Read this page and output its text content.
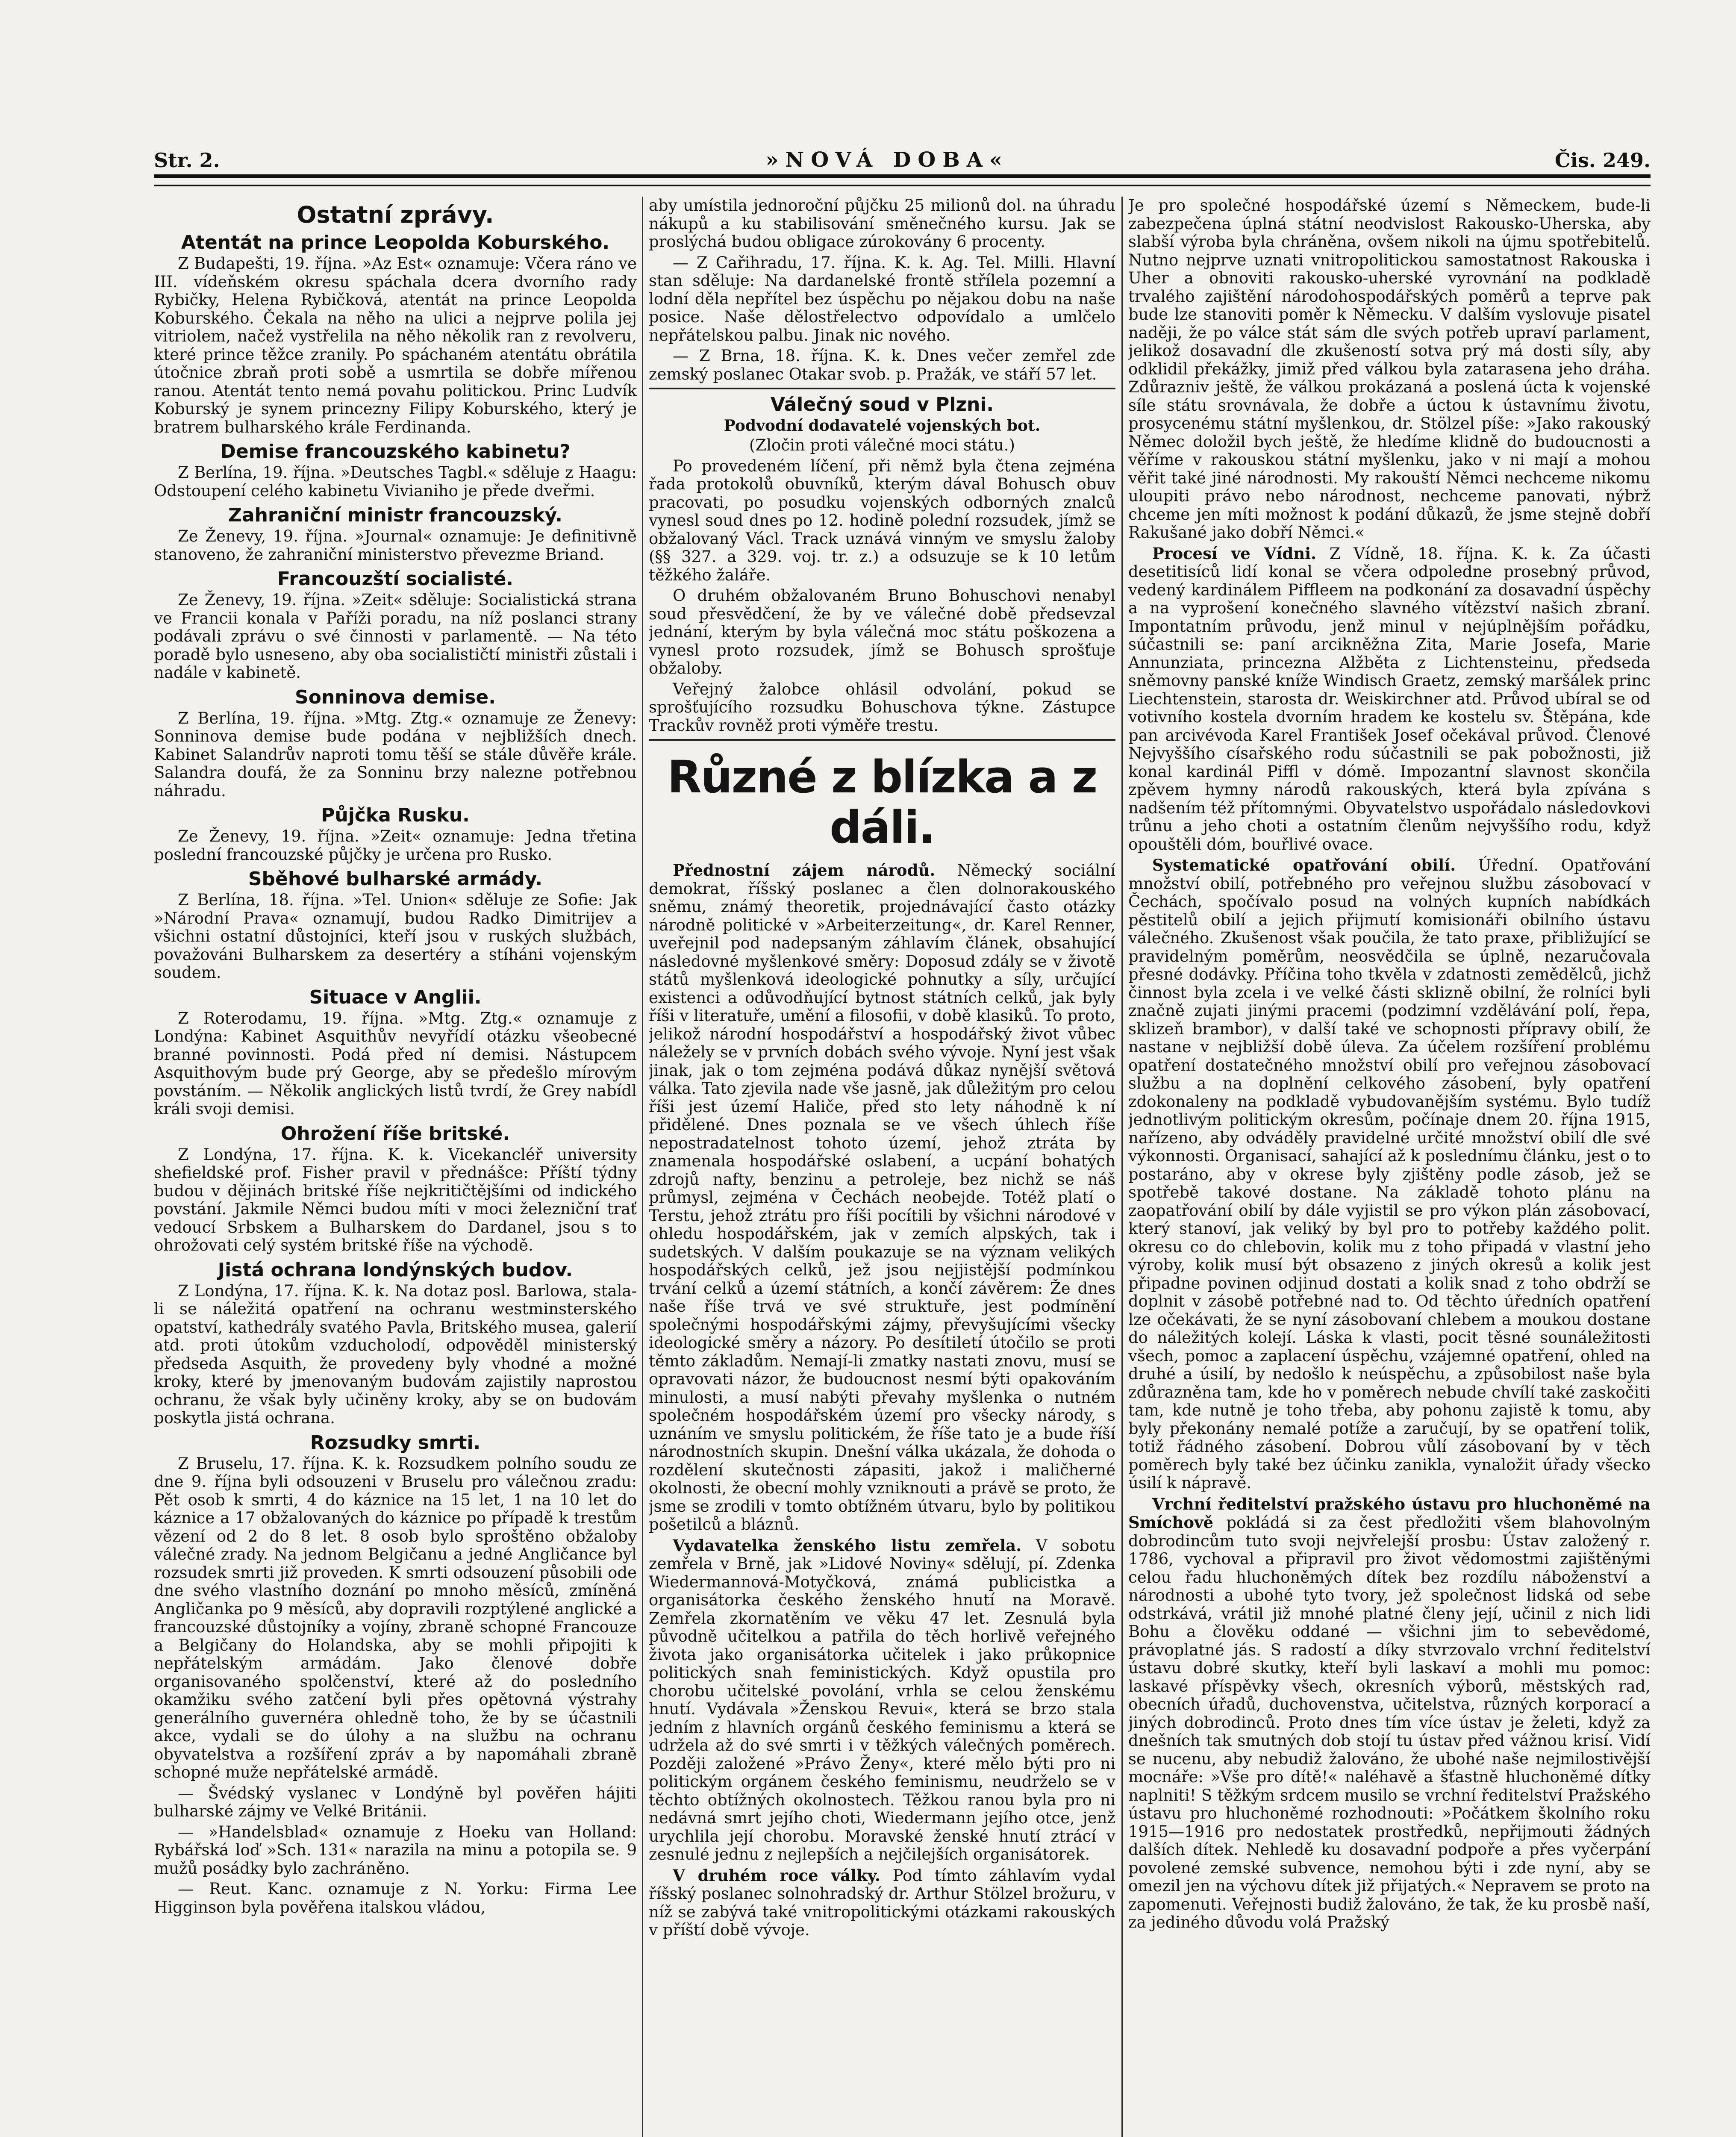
Str. 2.	»NOVÁ DOBA«	Čis. 249.
Ostatní zprávy.
Atentát na prince Leopolda Koburského.

Z Budapešti, 19. října. »Az Est« oznamuje: Včera ráno ve III. vídeňském okresu spáchala dcera dvorního rady Rybičky, Helena Rybičková, atentát na prince Leopolda Koburského. Čekala na něho na ulici a nejprve polila jej vitriolem, načež vystřelila na něho několik ran z revolveru, které prince těžce zranily. Po spáchaném atentátu obrátila útočnice zbraň proti sobě a usmrtila se dobře mířenou ranou. Atentát tento nemá povahu politickou. Princ Ludvík Koburský je synem princezny Filipy Koburského, který je bratrem bulharského krále Ferdinanda.

Demise francouzského kabinetu?

Z Berlína, 19. října. »Deutsches Tagbl.« sděluje z Haagu: Odstoupení celého kabinetu Vivianiho je přede dveřmi.

Zahraniční ministr francouzský.

Ze Ženevy, 19. října. »Journal« oznamuje: Je definitivně stanoveno, že zahraniční ministerstvo převezme Briand.

Francouzští socialisté.

Ze Ženevy, 19. října. »Zeit« sděluje: Socialistická strana ve Francii konala v Paříži poradu, na níž poslanci strany podávali zprávu o své činnosti v parlamentě. — Na této poradě bylo usneseno, aby oba socialističtí ministři zůstali i nadále v kabinetě.

Sonninova demise.

Z Berlína, 19. října. »Mtg. Ztg.« oznamuje ze Ženevy: Sonninova demise bude podána v nejbližších dnech. Kabinet Salandrův naproti tomu těší se stále důvěře krále. Salandra doufá, že za Sonninu brzy nalezne potřebnou náhradu.

Půjčka Rusku.

Ze Ženevy, 19. října. »Zeit« oznamuje: Jedna třetina poslední francouzské půjčky je určena pro Rusko.

Sběhové bulharské armády.

Z Berlína, 18. října. »Tel. Union« sděluje ze Sofie: Jak »Národní Prava« oznamují, budou Radko Dimitrijev a všichni ostatní důstojníci, kteří jsou v ruských službách, považováni Bulharskem za desertéry a stíháni vojenským soudem.

Situace v Anglii.

Z Roterodamu, 19. října. »Mtg. Ztg.« oznamuje z Londýna: Kabinet Asquithův nevyřídí otázku všeobecné branné povinnosti. Podá před ní demisi. Nástupcem Asquithovým bude prý George, aby se předešlo mírovým povstáním. — Několik anglických listů tvrdí, že Grey nabídl králi svoji demisi.

Ohrožení říše britské.

Z Londýna, 17. října. K. k. Vicekancléř university shefieldské prof. Fisher pravil v přednášce: Příští týdny budou v dějinách britské říše nejkritičtějšími od indického povstání. Jakmile Němci budou míti v moci železniční trať vedoucí Srbskem a Bulharskem do Dardanel, jsou s to ohrožovati celý systém britské říše na východě.

Jistá ochrana londýnských budov.

Z Londýna, 17. října. K. k. Na dotaz posl. Barlowa, stala-li se náležitá opatření na ochranu westminsterského opatství, kathedrály svatého Pavla, Britského musea, galerií atd. proti útokům vzducholodí, odpověděl ministerský předseda Asquith, že provedeny byly vhodné a možné kroky, které by jmenovaným budovám zajistily naprostou ochranu, že však byly učiněny kroky, aby se on budovám poskytla jistá ochrana.

Rozsudky smrti.

Z Bruselu, 17. října. K. k. Rozsudkem polního soudu ze dne 9. října byli odsouzeni v Bruselu pro válečnou zradu: Pět osob k smrti, 4 do káznice na 15 let, 1 na 10 let do káznice a 17 obžalovaných do káznice po případě k trestům vězení od 2 do 8 let. 8 osob bylo sproštěno obžaloby válečné zrady. Na jednom Belgičanu a jedné Angličance byl rozsudek smrti již proveden. K smrti odsouzení působili ode dne svého vlastního doznání po mnoho měsíců, zmíněná Angličanka po 9 měsíců, aby dopravili rozptýlené anglické a francouzské důstojníky a vojíny, zbraně schopné Francouze a Belgičany do Holandska, aby se mohli připojiti k nepřátelským armádám. Jako členové dobře organisovaného spolčenství, které až do posledního okamžiku svého zatčení byli přes opětovná výstrahy generálního guvernéra ohledně toho, že by se účastnili akce, vydali se do úlohy a na službu na ochranu obyvatelstva a rozšíření zpráv a by napomáhali zbraně schopné muže nepřátelské armádě.

— Švédský vyslanec v Londýně byl pověřen hájiti bulharské zájmy ve Velké Británii.

— »Handelsblad« oznamuje z Hoeku van Holland: Rybářská loď »Sch. 131« narazila na minu a potopila se. 9 mužů posádky bylo zachráněno.

— Reut. Kanc. oznamuje z N. Yorku: Firma Lee Higginson byla pověřena italskou vládou,

aby umístila jednoroční půjčku 25 milionů dol. na úhradu nákupů a ku stabilisování směnečného kursu. Jak se proslýchá budou obligace zúrokovány 6 procenty.

— Z Cařihradu, 17. října. K. k. Ag. Tel. Milli. Hlavní stan sděluje: Na dardanelské frontě střílela pozemní a lodní děla nepřítel bez úspěchu po nějakou dobu na naše posice. Naše dělostřelectvo odpovídalo a umlčelo nepřátelskou palbu. Jinak nic nového.

— Z Brna, 18. října. K. k. Dnes večer zemřel zde zemský poslanec Otakar svob. p. Pražák, ve stáří 57 let.

Válečný soud v Plzni.
Podvodní dodavatelé vojenských bot.

(Zločin proti válečné moci státu.)

Po provedeném líčení, při němž byla čtena zejména řada protokolů obuvníků, kterým dával Bohusch obuv pracovati, po posudku vojenských odborných znalců vynesl soud dnes po 12. hodině polední rozsudek, jímž se obžalovaný Václ. Track uznává vinným ve smyslu žaloby (§§ 327. a 329. voj. tr. z.) a odsuzuje se k 10 letům těžkého žaláře.

O druhém obžalovaném Bruno Bohuschovi nenabyl soud přesvědčení, že by ve válečné době předsevzal jednání, kterým by byla válečná moc státu poškozena a vynesl proto rozsudek, jímž se Bohusch sprošťuje obžaloby.

Veřejný žalobce ohlásil odvolání, pokud se sprošťujícího rozsudku Bohuschova týkne. Zástupce Trackův rovněž proti výměře trestu.

Různé z blízka a z dáli.

Přednostní zájem národů. Německý sociální demokrat, říšský poslanec a člen dolnorakouského sněmu, známý theoretik, projednávající často otázky národně politické v »Arbeiterzeitung«, dr. Karel Renner, uveřejnil pod nadepsaným záhlavím článek, obsahující následovné myšlenkové směry: Doposud zdály se v životě států myšlenková ideologické pohnutky a síly, určující existenci a odůvodňující bytnost státních celků, jak byly říši v literatuře, umění a filosofii, v době klasiků. To proto, jelikož národní hospodářství a hospodářský život vůbec náležely se v prvních dobách svého vývoje. Nyní jest však jinak, jak o tom zejména podává důkaz nynější světová válka. Tato zjevila nade vše jasně, jak důležitým pro celou říši jest území Haliče, před sto lety náhodně k ní přidělené. Dnes poznala se ve všech úhlech říše nepostradatelnost tohoto území, jehož ztráta by znamenala hospodářské oslabení, a ucpání bohatých zdrojů nafty, benzinu a petroleje, bez nichž se náš průmysl, zejména v Čechách neobejde. Totéž platí o Terstu, jehož ztrátu pro říši pocítili by všichni národové v ohledu hospodářském, jak v zemích alpských, tak i sudetských. V dalším poukazuje se na význam velikých hospodářských celků, jež jsou nejjistější podmínkou trvání celků a území státních, a končí závěrem: Že dnes naše říše trvá ve své struktuře, jest podmínění společnými hospodářskými zájmy, převyšujícími všecky ideologické směry a názory. Po desítiletí útočilo se proti těmto základům. Nemají-li zmatky nastati znovu, musí se opravovati názor, že budoucnost nesmí býti opakováním minulosti, a musí nabýti převahy myšlenka o nutném společném hospodářském území pro všecky národy, s uznáním ve smyslu politickém, že říše tato je a bude říší národnostních skupin. Dnešní válka ukázala, že dohoda o rozdělení skutečnosti zápasiti, jakož i maličherné okolnosti, že obecní mohly vzniknouti a právě se proto, že jsme se zrodili v tomto obtížném útvaru, bylo by politikou pošetilců a bláznů.

Vydavatelka ženského listu zemřela. V sobotu zemřela v Brně, jak »Lidové Noviny« sdělují, pí. Zdenka Wiedermannová-Motyčková, známá publicistka a organisátorka českého ženského hnutí na Moravě. Zemřela zkornatěním ve věku 47 let. Zesnulá byla původně učitelkou a patřila do těch horlivě veřejného života jako organisátorka učitelek i jako průkopnice politických snah feministických. Když opustila pro chorobu učitelské povolání, vrhla se celou ženskému hnutí. Vydávala »Ženskou Revui«, která se brzo stala jedním z hlavních orgánů českého feminismu a která se udržela až do své smrti i v těžkých válečných poměrech. Později založené »Právo Ženy«, které mělo býti pro ni politickým orgánem českého feminismu, neudrželo se v těchto obtížných okolnostech. Těžkou ranou byla pro ni nedávná smrt jejího choti, Wiedermann jejího otce, jenž urychlila její chorobu. Moravské ženské hnutí ztrácí v zesnulé jednu z nejlepších a nejčilejších organisátorek.

V druhém roce války. Pod tímto záhlavím vydal říšský poslanec solnohradský dr. Arthur Stölzel brožuru, v níž se zabývá také vnitropolitickými otázkami rakouských v příští době vývoje.

Je pro společné hospodářské území s Německem, bude-li zabezpečena úplná státní neodvislost Rakousko-Uherska, aby slabší výroba byla chráněna, ovšem nikoli na újmu spotřebitelů. Nutno nejprve uznati vnitropolitickou samostatnost Rakouska i Uher a obnoviti rakousko-uherské vyrovnání na podkladě trvalého zajištění národohospodářských poměrů a teprve pak bude lze stanoviti poměr k Německu. V dalším vyslovuje pisatel naději, že po válce stát sám dle svých potřeb upraví parlament, jelikož dosavadní dle zkušeností sotva prý má dosti síly, aby odklidil překážky, jimiž před válkou byla zatarasena jeho dráha. Zdůrazniv ještě, že válkou prokázaná a poslená úcta k vojenské síle státu srovnávala, že dobře a úctou k ústavnímu životu, prosycenému státní myšlenkou, dr. Stölzel píše: »Jako rakouský Němec doložil bych ještě, že hledíme klidně do budoucnosti a věříme v rakouskou státní myšlenku, jako v ni mají a mohou věřit také jiné národnosti. My rakouští Němci nechceme nikomu uloupiti právo nebo národnost, nechceme panovati, nýbrž chceme jen míti možnost k podání důkazů, že jsme stejně dobří Rakušané jako dobří Němci.«

Procesí ve Vídni. Z Vídně, 18. října. K. k. Za účasti desetitisíců lidí konal se včera odpoledne prosebný průvod, vedený kardinálem Piffleem na podkonání za dosavadní úspěchy a na vyprošení konečného slavného vítězství našich zbraní. Impontatním průvodu, jenž minul v nejúplnějším pořádku, súčastnili se: paní arcikněžna Zita, Marie Josefa, Marie Annunziata, princezna Alžběta z Lichtensteinu, předseda sněmovny panské kníže Windisch Graetz, zemský maršálek princ Liechtenstein, starosta dr. Weiskirchner atd. Průvod ubíral se od votivního kostela dvorním hradem ke kostelu sv. Štěpána, kde pan arcivévoda Karel František Josef očekával průvod. Členové Nejvyššího císařského rodu súčastnili se pak pobožnosti, již konal kardinál Piffl v dómě. Impozantní slavnost skončila zpěvem hymny národů rakouských, která byla zpívána s nadšením též přítomnými. Obyvatelstvo uspořádalo následovkovi trůnu a jeho choti a ostatním členům nejvyššího rodu, když opouštěli dóm, bouřlivé ovace.

Systematické opatřování obilí. Úřední. Opatřování množství obilí, potřebného pro veřejnou službu zásobovací v Čechách, spočívalo posud na volných kupních nabídkách pěstitelů obilí a jejich přijmutí komisionáři obilního ústavu válečného. Zkušenost však poučila, že tato praxe, přibližující se pravidelným poměrům, neosvědčila se úplně, nezaručovala přesné dodávky. Příčina toho tkvěla v zdatnosti zemědělců, jichž činnost byla zcela i ve velké části sklizně obilní, že rolníci byli značně zujati jinými pracemi (podzimní vzdělávání polí, řepa, sklizeň brambor), v další také ve schopnosti přípravy obilí, že nastane v nejbližší době úleva. Za účelem rozšíření problému opatření dostatečného množství obilí pro veřejnou zásobovací službu a na doplnění celkového zásobení, byly opatření zdokonaleny na podkladě vybudovanějším systému. Bylo tudíž jednotlivým politickým okresům, počínaje dnem 20. října 1915, nařízeno, aby odváděly pravidelné určité množství obilí dle své výkonnosti. Organisací, sahající až k poslednímu článku, jest o to postaráno, aby v okrese byly zjištěny podle zásob, jež se spotřebě takové dostane. Na základě tohoto plánu na zaopatřování obilí by dále vyjistil se pro výkon plán zásobovací, který stanoví, jak veliký by byl pro to potřeby každého polit. okresu co do chlebovin, kolik mu z toho připadá v vlastní jeho výroby, kolik musí být obsazeno z jiných okresů a kolik jest připadne povinen odjinud dostati a kolik snad z toho obdrží se doplnit v zásobě potřebné nad to. Od těchto úředních opatření lze očekávati, že se nyní zásobovaní chlebem a moukou dostane do náležitých kolejí. Láska k vlasti, pocit těsné sounáležitosti všech, pomoc a zaplacení úspěchu, vzájemné opatření, ohled na druhé a úsilí, by nedošlo k neúspěchu, a způsobilost naše byla zdůrazněna tam, kde ho v poměrech nebude chvílí také zaskočiti tam, kde nutně je toho třeba, aby pohonu zajistě k tomu, aby byly překonány nemalé potíže a zaručují, by se opatření tolik, totiž řádného zásobení. Dobrou vůlí zásobovaní by v těch poměrech byly také bez účinku zanikla, vynaložit úřady všecko úsilí k nápravě.

Vrchní ředitelství pražského ústavu pro hluchoněmé na Smíchově pokládá si za čest předložiti všem blahovolným dobrodincům tuto svoji nejvřelejší prosbu: Ústav založený r. 1786, vychoval a připravil pro život vědomostmi zajištěnými celou řadu hluchoněmých dítek bez rozdílu náboženství a národnosti a ubohé tyto tvory, jež společnost lidská od sebe odstrkává, vrátil již mnohé platné členy její, učinil z nich lidi Bohu a člověku oddané — všichni jim to sebevědomé, právoplatné jás. S radostí a díky stvrzovalo vrchní ředitelství ústavu dobré skutky, kteří byli laskaví a mohli mu pomoc: laskavé příspěvky všech, okresních výborů, městských rad, obecních úřadů, duchovenstva, učitelstva, různých korporací a jiných dobrodinců. Proto dnes tím více ústav je želeti, když za dnešních tak smutných dob stojí tu ústav před vážnou krisí. Vidí se nucenu, aby nebudiž žalováno, že ubohé naše nejmilostivější mocnáře: »Vše pro dítě!« naléhavě a šťastně hluchoněmé dítky naplniti! S těžkým srdcem musilo se vrchní ředitelství Pražského ústavu pro hluchoněmé rozhodnouti: »Počátkem školního roku 1915—1916 pro nedostatek prostředků, nepřijmouti žádných dalších dítek. Nehledě ku dosavadní podpoře a přes vyčerpání povolené zemské subvence, nemohou býti i zde nyní, aby se omezil jen na výchovu dítek již přijatých.« Nepravem se proto na zapomenuti. Veřejnosti budiž žalováno, že tak, že ku prosbě naší, za jediného důvodu volá Pražský
